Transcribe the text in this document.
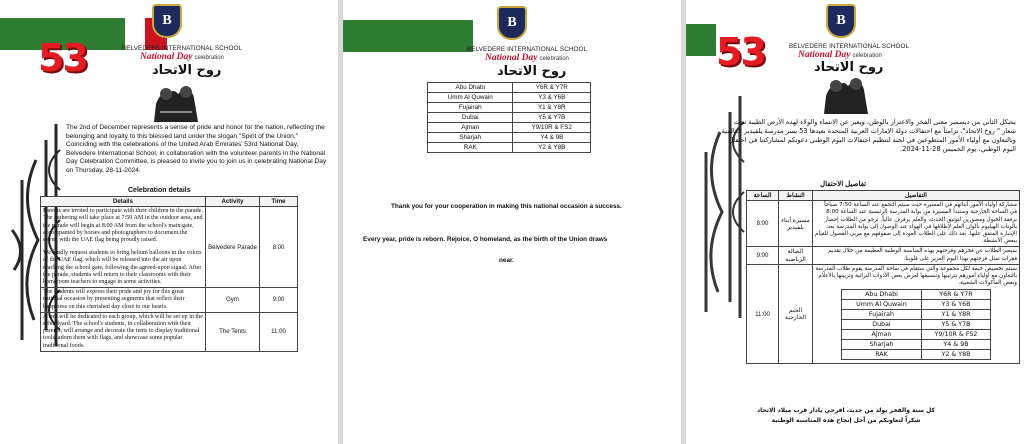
53
B
BELVEDERE INTERNATIONAL SCHOOL
National Day celebration
روح الاتحاد
The 2nd of December represents a sense of pride and honor for the nation, reflecting the belonging and loyalty to this blessed land under the slogan "Spirit of the Union." Coinciding with the celebrations of the United Arab Emirates' 53rd National Day, Belvedere International School, in collaboration with the volunteer parents in the National Day Celebration Committee, is pleased to invite you to join us in celebrating National Day on Thursday, 28-11-2024.
Celebration details
Details	Activity	Time

Parents are invited to participate with their children in the parade. The gathering will take place at 7:50 AM in the outdoor area, and the parade will begin at 8:00 AM from the school's main gate, accompanied by horses and photographers to document the event, with the UAE flag being proudly raised.
We kindly request students to bring helium balloons in the colors of the UAE flag, which will be released into the air upon reaching the school gate, following the agreed-upon signal. After the parade, students will return to their classrooms with their homeroom teachers to engage in some activities.	Belvedere Parade	8:00
The students will express their pride and joy for this great national occasion by presenting segments that reflect their happiness on this cherished day close to our hearts.	Gym	9:00
A tent will be dedicated to each group, which will be set up in the schoolyard. The school's students, in collaboration with their parents, will arrange and decorate the tents to display traditional tools, adorn them with flags, and showcase some popular traditional foods.	The Tents	11:00
B
BELVEDERE INTERNATIONAL SCHOOL
National Day celebration
روح الاتحاد
Abu Dhabi	Y6R & Y7R
Umm Al Quwain	Y3 & Y6B
Fujairah	Y1 & Y8R
Dubai	Y5 & Y7B
Ajman	Y9/10R & FS2
Sharjah	Y4 & 9B
RAK	Y2 & Y8B
Thank you for your cooperation in making this national occasion a success.
Every year, pride is reborn. Rejoice, O homeland, as the birth of the Union draws
near.
53
B
BELVEDERE INTERNATIONAL SCHOOL
National Day celebration
روح الاتحاد
بشكل الثاني من ديسمبر معنى الفخر والاعتزاز بالوطن، ويعبر عن الانتماء والولاء لهذه الأرض الطيبة تحت شعار " روح الاتحاد"، تزامناً مع احتفالات دولة الإمارات العربية المتحدة بعيدها 53 يسر مدرسة بلفيدير العالمية وبالتعاون مع أولياء الأمور المتطوعين في لجنة لتنظيم احتفالات اليوم الوطني دعوتكم لمشاركتنا في احتفال اليوم الوطني، يوم الخميس 28-11-2024.
تفاصيل الاحتفال
الساعة	النشاط	التفاصيل
8:00	مسيرة أبناء بلفيدير	مشاركة أولياء الأمور أبنائهم في المسيرة حيث سيتم التجمع عند الساعة 7:50 صباحاً في الساحة الخارجية وستبدأ المسيرة من بوابة المدرسة الرئيسية عند الساعة 8:00 برفقة الخيول ومصورين لتوثيق الحدث، والعلم يرفرف عالياً. نرجو من الطلاب إحضار بالونات الهيليوم بألوان العلم لإطلاقها في الهواء عند الوصول إلى بوابة المدرسة بعد الإشارة المتفق عليها، بعد ذلك على الطلاب العودة إلى صفوفهم مع مربي الفصول للقيام ببعض الأنشطة.
9:00	الصالة الرياضية	سيعبر الطلاب عن فخرهم وفرحتهم بهذه المناسبة الوطنية العظيمة من خلال تقديم فقرات تمثل فرحتهم بهذا اليوم العزيز على قلوبنا.
11:00	الخيم الخارجية	
سيتم تخصيص خيمة لكل مجموعة والتي ستقام في ساحة المدرسة يقوم طلاب المدرسة بالتعاون مع أولياء أمورهم بترتيبها وتنسيقها لعرض بعض الأدوات التراثية وتزيينها بالأعلام وبعض المأكولات الشعبية.
Abu Dhabi	Y6R & Y7R
Umm Al Quwain	Y3 & Y6B
Fujairah	Y1 & Y8R
Dubai	Y5 & Y7B
Ajman	Y9/10R & FS2
Sharjah	Y4 & 9B
RAK	Y2 & Y8B
كل سنة والفخر يولد من جديد، افرحي يادار قرب ميلاد الاتحاد
شكراً لتعاونكم من أجل إنجاح هذه المناسبة الوطنية
